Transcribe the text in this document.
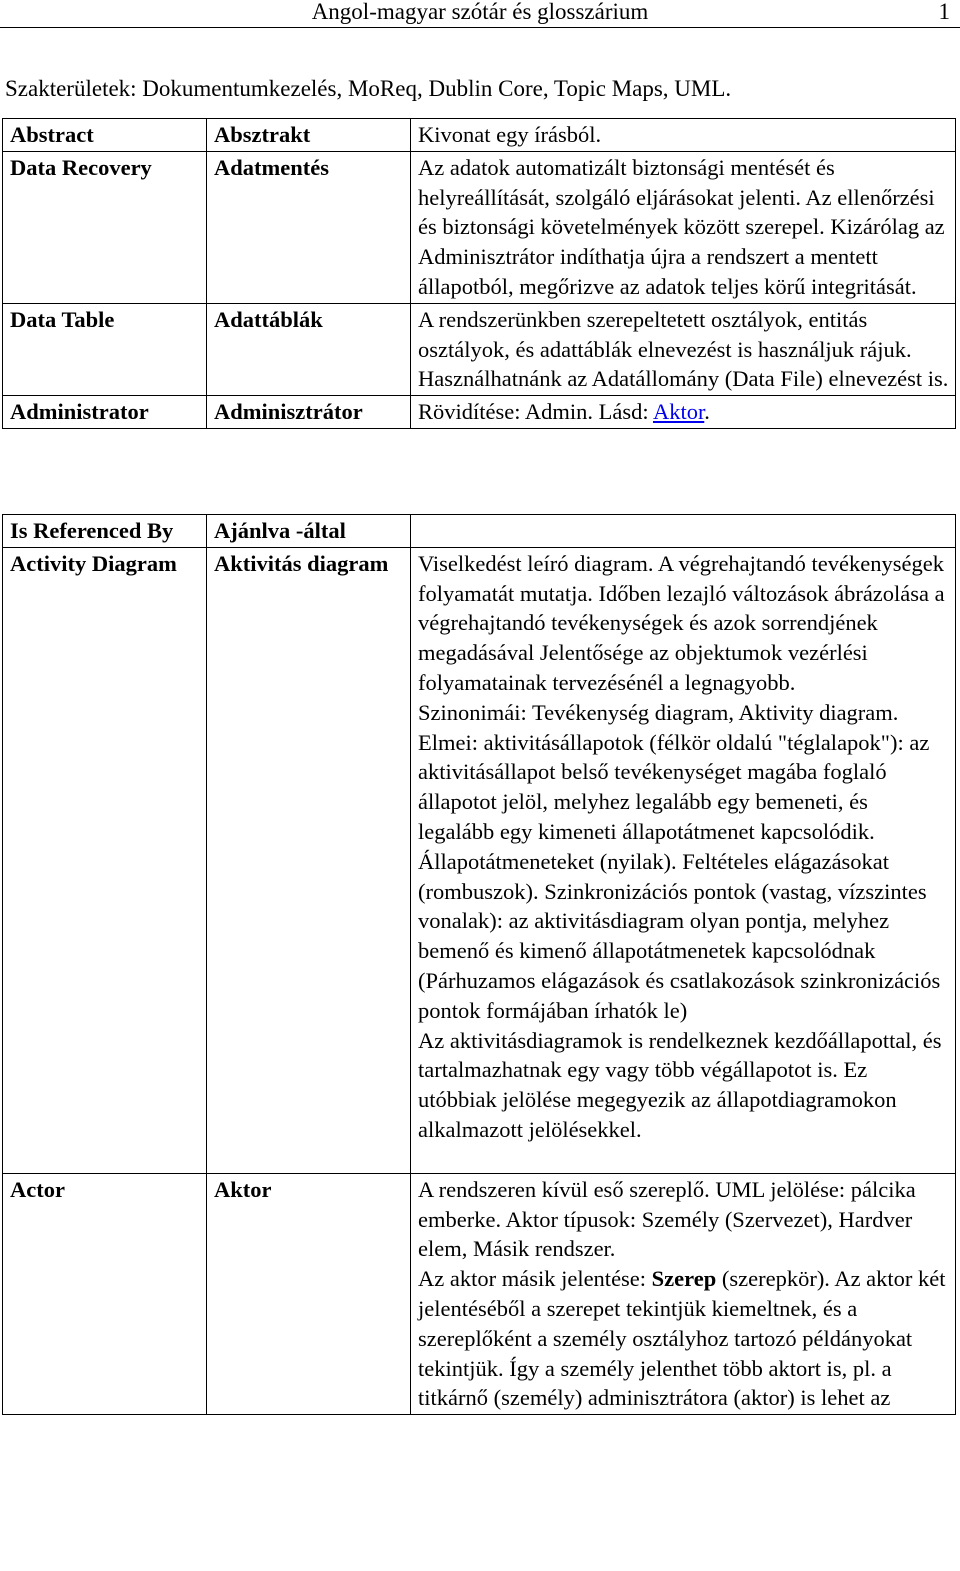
Angol-magyar szótár és glosszárium	1
Szakterületek: Dokumentumkezelés, MoReq, Dublin Core, Topic Maps, UML.
Abstract	Absztrakt	Kivonat egy írásból.
Data Recovery	Adatmentés	Az adatok automatizált biztonsági mentését és helyreállítását, szolgáló eljárásokat jelenti. Az ellenőrzési és biztonsági követelmények között szerepel. Kizárólag az Adminisztrátor indíthatja újra a rendszert a mentett állapotból, megőrizve az adatok teljes körű integritását.
Data Table	Adattáblák	A rendszerünkben szerepeltetett osztályok, entitás osztályok, és adattáblák elnevezést is használjuk rájuk. Használhatnánk az Adatállomány (Data File) elnevezést is.
Administrator	Adminisztrátor	Rövidítése: Admin. Lásd: Aktor.
Is Referenced By	Ajánlva -által	
Activity Diagram	Aktivitás diagram	Viselkedést leíró diagram. A végrehajtandó tevékenységek folyamatát mutatja. Időben lezajló változások ábrázolása a végrehajtandó tevékenységek és azok sorrendjének megadásával Jelentősége az objektumok vezérlési folyamatainak tervezésénél a legnagyobb.
Szinonimái: Tevékenység diagram, Aktivity diagram.
Elmei: aktivitásállapotok (félkör oldalú "téglalapok"): az aktivitásállapot belső tevékenységet magába foglaló állapotot jelöl, melyhez legalább egy bemeneti, és legalább egy kimeneti állapotátmenet kapcsolódik.
Állapotátmeneteket (nyilak). Feltételes elágazásokat (rombuszok). Szinkronizációs pontok (vastag, vízszintes vonalak): az aktivitásdiagram olyan pontja, melyhez bemenő és kimenő állapotátmenetek kapcsolódnak (Párhuzamos elágazások és csatlakozások szinkronizációs pontok formájában írhatók le)
Az aktivitásdiagramok is rendelkeznek kezdőállapottal, és tartalmazhatnak egy vagy több végállapotot is. Ez utóbbiak jelölése megegyezik az állapotdiagramokon alkalmazott jelölésekkel.

Actor	Aktor	A rendszeren kívül eső szereplő. UML jelölése: pálcika emberke. Aktor típusok: Személy (Szervezet), Hardver elem, Másik rendszer.
Az aktor másik jelentése: Szerep (szerepkör). Az aktor két jelentéséből a szerepet tekintjük kiemeltnek, és a szereplőként a személy osztályhoz tartozó példányokat tekintjük. Így a személy jelenthet több aktort is, pl. a titkárnő (személy) adminisztrátora (aktor) is lehet az
